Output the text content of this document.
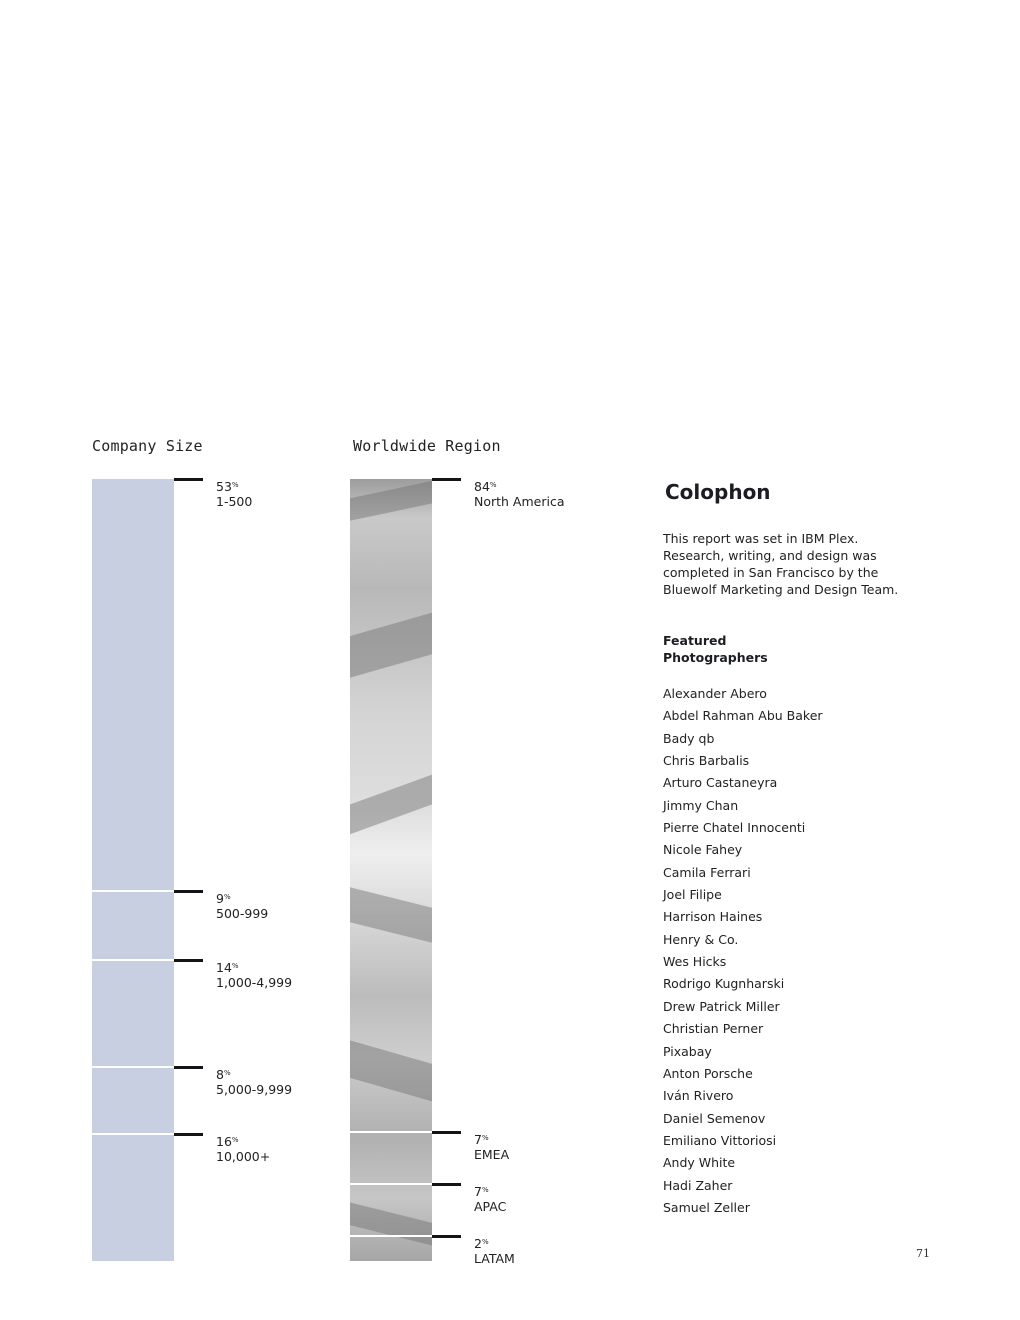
Company Size
53%
1-500
9%
500-999
14%
1,000-4,999
8%
5,000-9,999
16%
10,000+
Worldwide Region
84%
North America
7%
EMEA
7%
APAC
2%
LATAM
Colophon

This report was set in IBM Plex. Research, writing, and design was completed in San Francisco by the Bluewolf Marketing and Design Team.

Featured Photographers
Alexander Abero
Abdel Rahman Abu Baker
Bady qb
Chris Barbalis
Arturo Castaneyra
Jimmy Chan
Pierre Chatel Innocenti
Nicole Fahey
Camila Ferrari
Joel Filipe
Harrison Haines
Henry & Co.
Wes Hicks
Rodrigo Kugnharski
Drew Patrick Miller
Christian Perner
Pixabay
Anton Porsche
Iván Rivero
Daniel Semenov
Emiliano Vittoriosi
Andy White
Hadi Zaher
Samuel Zeller
71
